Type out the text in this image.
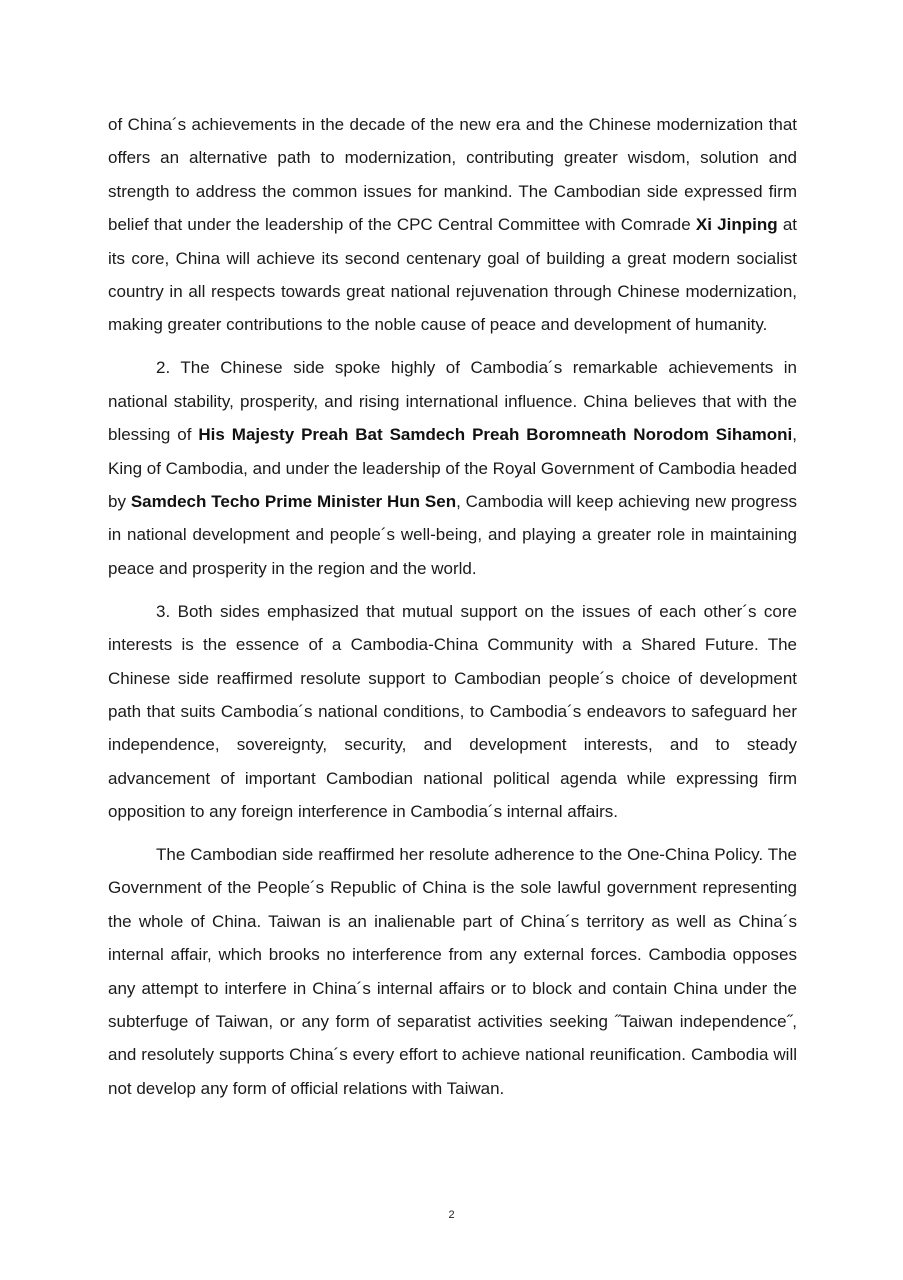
of China´s achievements in the decade of the new era and the Chinese modernization that offers an alternative path to modernization, contributing greater wisdom, solution and strength to address the common issues for mankind. The Cambodian side expressed firm belief that under the leadership of the CPC Central Committee with Comrade Xi Jinping at its core, China will achieve its second centenary goal of building a great modern socialist country in all respects towards great national rejuvenation through Chinese modernization, making greater contributions to the noble cause of peace and development of humanity.

2. The Chinese side spoke highly of Cambodia´s remarkable achievements in national stability, prosperity, and rising international influence. China believes that with the blessing of His Majesty Preah Bat Samdech Preah Boromneath Norodom Sihamoni, King of Cambodia, and under the leadership of the Royal Government of Cambodia headed by Samdech Techo Prime Minister Hun Sen, Cambodia will keep achieving new progress in national development and people´s well-being, and playing a greater role in maintaining peace and prosperity in the region and the world.

3. Both sides emphasized that mutual support on the issues of each other´s core interests is the essence of a Cambodia-China Community with a Shared Future. The Chinese side reaffirmed resolute support to Cambodian people´s choice of development path that suits Cambodia´s national conditions, to Cambodia´s endeavors to safeguard her independence, sovereignty, security, and development interests, and to steady advancement of important Cambodian national political agenda while expressing firm opposition to any foreign interference in Cambodia´s internal affairs.

The Cambodian side reaffirmed her resolute adherence to the One-China Policy. The Government of the People´s Republic of China is the sole lawful government representing the whole of China. Taiwan is an inalienable part of China´s territory as well as China´s internal affair, which brooks no interference from any external forces. Cambodia opposes any attempt to interfere in China´s internal affairs or to block and contain China under the subterfuge of Taiwan, or any form of separatist activities seeking ˝Taiwan independence˝, and resolutely supports China´s every effort to achieve national reunification. Cambodia will not develop any form of official relations with Taiwan.

2
